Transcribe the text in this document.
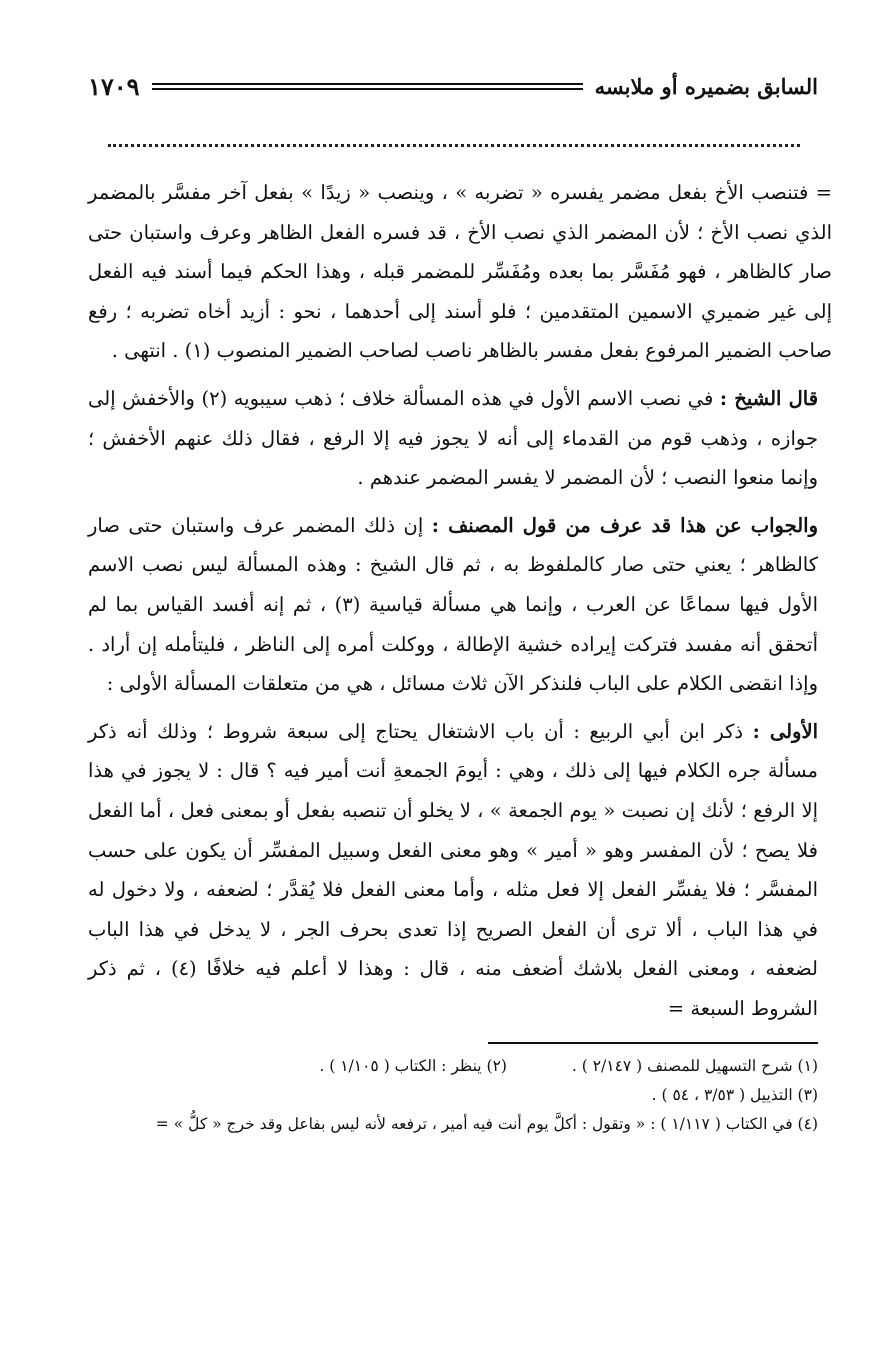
السابق بضميره أو ملابسه
١٧٠٩

= فتنصب الأخ بفعل مضمر يفسره « تضربه » ، وينصب « زيدًا » بفعل آخر مفسَّر بالمضمر الذي نصب الأخ ؛ لأن المضمر الذي نصب الأخ ، قد فسره الفعل الظاهر وعرف واستبان حتى صار كالظاهر ، فهو مُفَسَّر بما بعده ومُفَسِّر للمضمر قبله ، وهذا الحكم فيما أسند فيه الفعل إلى غير ضميري الاسمين المتقدمين ؛ فلو أسند إلى أحدهما ، نحو : أزيد أخاه تضربه ؛ رفع صاحب الضمير المرفوع بفعل مفسر بالظاهر ناصب لصاحب الضمير المنصوب (١) . انتهى .

قال الشيخ : في نصب الاسم الأول في هذه المسألة خلاف ؛ ذهب سيبويه (٢) والأخفش إلى جوازه ، وذهب قوم من القدماء إلى أنه لا يجوز فيه إلا الرفع ، فقال ذلك عنهم الأخفش ؛ وإنما منعوا النصب ؛ لأن المضمر لا يفسر المضمر عندهم .

والجواب عن هذا قد عرف من قول المصنف : إن ذلك المضمر عرف واستبان حتى صار كالظاهر ؛ يعني حتى صار كالملفوظ به ، ثم قال الشيخ : وهذه المسألة ليس نصب الاسم الأول فيها سماعًا عن العرب ، وإنما هي مسألة قياسية (٣) ، ثم إنه أفسد القياس بما لم أتحقق أنه مفسد فتركت إيراده خشية الإطالة ، ووكلت أمره إلى الناظر ، فليتأمله إن أراد . وإذا انقضى الكلام على الباب فلنذكر الآن ثلاث مسائل ، هي من متعلقات المسألة الأولى :

الأولى : ذكر ابن أبي الربيع : أن باب الاشتغال يحتاج إلى سبعة شروط ؛ وذلك أنه ذكر مسألة جره الكلام فيها إلى ذلك ، وهي : أيومَ الجمعةِ أنت أمير فيه ؟ قال : لا يجوز في هذا إلا الرفع ؛ لأنك إن نصبت « يوم الجمعة » ، لا يخلو أن تنصبه بفعل أو بمعنى فعل ، أما الفعل فلا يصح ؛ لأن المفسر وهو « أمير » وهو معنى الفعل وسبيل المفسِّر أن يكون على حسب المفسَّر ؛ فلا يفسِّر الفعل إلا فعل مثله ، وأما معنى الفعل فلا يُقدَّر ؛ لضعفه ، ولا دخول له في هذا الباب ، ألا ترى أن الفعل الصريح إذا تعدى بحرف الجر ، لا يدخل في هذا الباب لضعفه ، ومعنى الفعل بلاشك أضعف منه ، قال : وهذا لا أعلم فيه خلافًا (٤) ، ثم ذكر الشروط السبعة =

(١) شرح التسهيل للمصنف ( ٢/١٤٧ ) . (٢) ينظر : الكتاب ( ١/١٠٥ ) .
(٣) التذييل ( ٣/٥٣ ، ٥٤ ) .
(٤) في الكتاب ( ١/١١٧ ) : « وتقول : أكلَّ يوم أنت فيه أمير ، ترفعه لأنه ليس بفاعل وقد خرج « كلُّ » =
